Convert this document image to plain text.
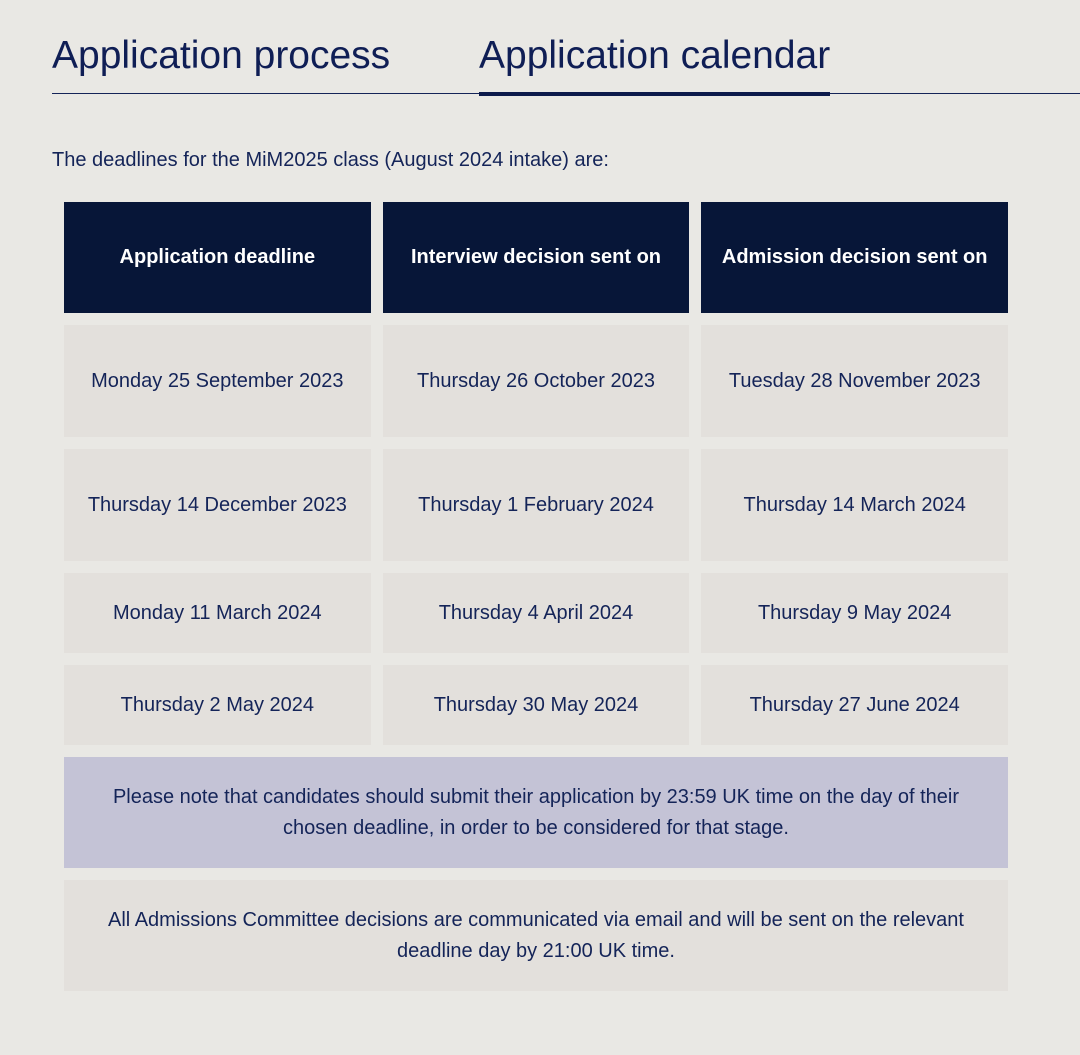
Application process Application calendar

The deadlines for the MiM2025 class (August 2024 intake) are:

Application deadline	Interview decision sent on	Admission decision sent on
Monday 25 September 2023	Thursday 26 October 2023	Tuesday 28 November 2023
Thursday 14 December 2023	Thursday 1 February 2024	Thursday 14 March 2024
Monday 11 March 2024	Thursday 4 April 2024	Thursday 9 May 2024
Thursday 2 May 2024	Thursday 30 May 2024	Thursday 27 June 2024
Please note that candidates should submit their application by 23:59 UK time on the day of their chosen deadline, in order to be considered for that stage.
All Admissions Committee decisions are communicated via email and will be sent on the relevant deadline day by 21:00 UK time.
